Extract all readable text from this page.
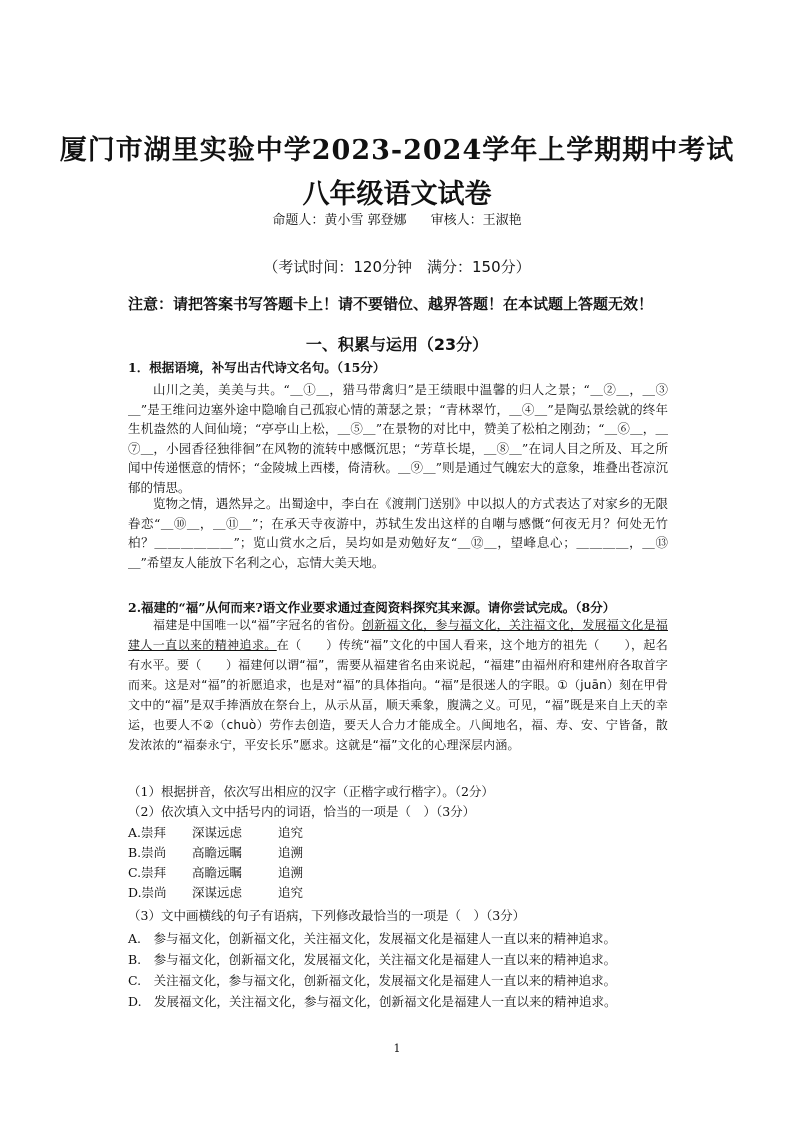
厦门市湖里实验中学2023-2024学年上学期期中考试
八年级语文试卷
命题人：黄小雪 郭登娜 审核人：王淑艳
（考试时间：120分钟　满分：150分）
注意：请把答案书写答题卡上！请不要错位、越界答题！在本试题上答题无效！
一、积累与运用（23分）
1．根据语境，补写出古代诗文名句。（15分）
山川之美，美美与共。“＿①＿，猎马带禽归”是王绩眼中温馨的归人之景；“＿②＿，＿③＿”是王维问边塞外途中隐喻自己孤寂心情的萧瑟之景；“青林翠竹，＿④＿”是陶弘景绘就的终年生机盎然的人间仙境；“亭亭山上松，＿⑤＿”在景物的对比中，赞美了松柏之刚劲；“＿⑥＿，＿⑦＿，小园香径独徘徊”在风物的流转中感慨沉思；“芳草长堤，＿⑧＿”在词人目之所及、耳之所闻中传递惬意的情怀；“金陵城上西楼，倚清秋。＿⑨＿”则是通过气魄宏大的意象，堆叠出苍凉沉郁的情思。
览物之情，遇然异之。出蜀途中，李白在《渡荆门送别》中以拟人的方式表达了对家乡的无限眷恋“＿⑩＿，＿⑪＿”；在承天寺夜游中，苏轼生发出这样的自嘲与感慨“何夜无月？何处无竹柏？＿＿＿＿＿＿”；览山赏水之后，吴均如是劝勉好友“＿⑫＿，望峰息心；＿＿＿＿，＿⑬＿”希望友人能放下名利之心，忘情大美天地。
2.福建的“福”从何而来?语文作业要求通过查阅资料探究其来源。请你尝试完成。（8分）
福建是中国唯一以“福”字冠名的省份。创新福文化，参与福文化，关注福文化，发展福文化是福建人一直以来的精神追求。在（　　）传统“福”文化的中国人看来，这个地方的祖先（　　），起名有水平。要（　　）福建何以谓“福”，需要从福建省名由来说起，“福建”由福州府和建州府各取首字而来。这是对“福”的祈愿追求，也是对“福”的具体指向。“福”是很迷人的字眼。①（juān）刻在甲骨文中的“福”是双手捧酒放在祭台上，从示从畐，顺天乘象，腹满之义。可见，“福”既是来自上天的幸运，也要人不②（chuò）劳作去创造，要天人合力才能成全。八闽地名，福、寿、安、宁皆备，散发浓浓的“福泰永宁，平安长乐”愿求。这就是“福”文化的心理深层内涵。
（1）根据拼音，依次写出相应的汉字（正楷字或行楷字）。（2分）
（2）依次填入文中括号内的词语，恰当的一项是（　）（3分）
A.崇拜 深谋远虑	追究
B.崇尚 高瞻远瞩	追溯
C.崇拜 高瞻远瞩	追溯
D.崇尚 深谋远虑	追究
（3）文中画横线的句子有语病，下列修改最恰当的一项是（　）（3分）
A.　参与福文化，创新福文化，关注福文化，发展福文化是福建人一直以来的精神追求。
B.　参与福文化，创新福文化，发展福文化，关注福文化是福建人一直以来的精神追求。
C.　关注福文化，参与福文化，创新福文化，发展福文化是福建人一直以来的精神追求。
D.　发展福文化，关注福文化，参与福文化，创新福文化是福建人一直以来的精神追求。
1
